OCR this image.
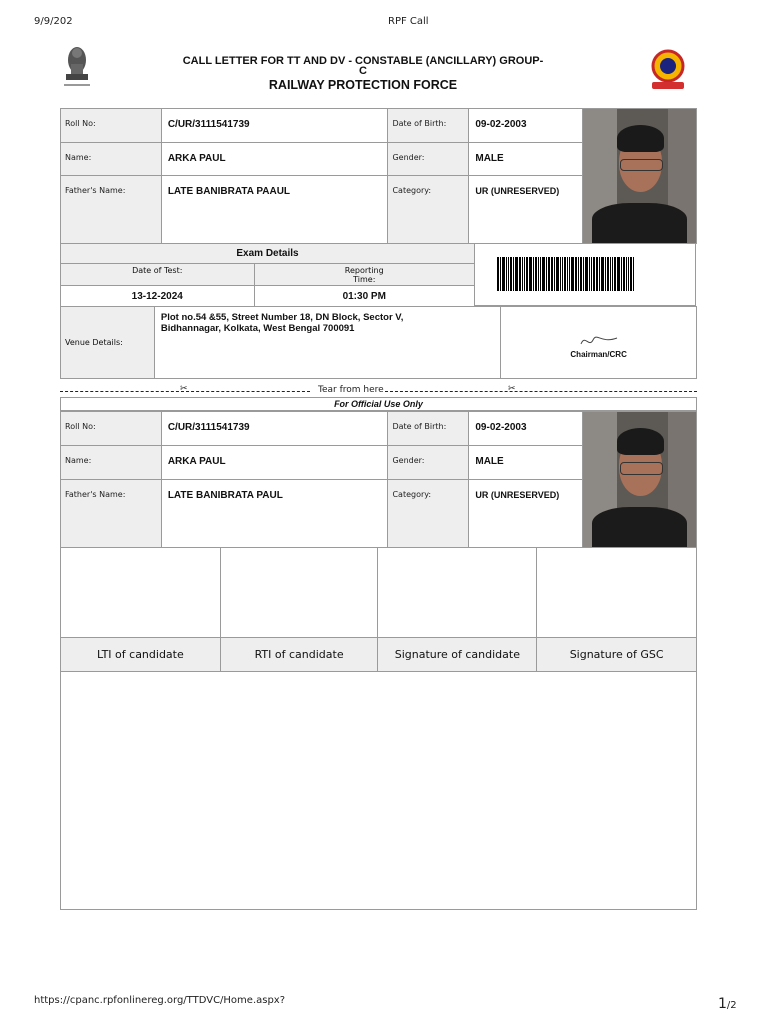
9/9/202	RPF Call
CALL LETTER FOR TT AND DV - CONSTABLE (ANCILLARY) GROUP-
C
RAILWAY PROTECTION FORCE
Roll No:	C/UR/3111541739	Date of Birth:	09-02-2003	

Name:	ARKA PAUL	Gender:	MALE	
Father's Name:	LATE BANIBRATA PAAUL	Category:	UR (UNRESERVED)	
Exam Details	
Date of Test:	Reporting
Time:

13-12-2024	01:30 PM
Venue Details:	
Plot no.54 &55, Street Number 18, DN Block, Sector V,
Bidhannagar, Kolkata, West Bengal 700091

Chairman/CRC
✂	Tear from here	✂
For Official Use Only
Roll No:	C/UR/3111541739	Date of Birth:	09-02-2003	

Name:	ARKA PAUL	Gender:	MALE	
Father's Name:	LATE BANIBRATA PAUL	Category:	UR (UNRESERVED)	

LTI of candidate	RTI of candidate	Signature of candidate	Signature of GSC
https://cpanc.rpfonlinereg.org/TTDVC/Home.aspx?	1/2
